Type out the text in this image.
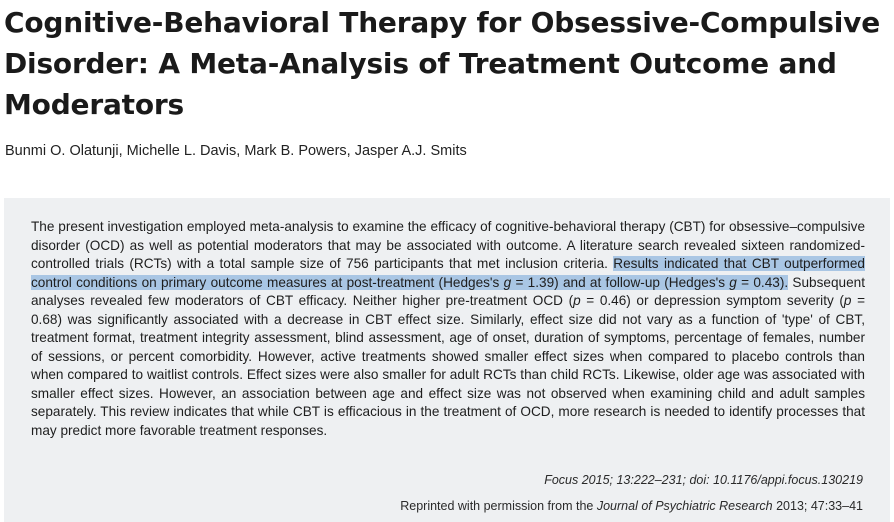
Cognitive-Behavioral Therapy for Obsessive-Compulsive Disorder: A Meta-Analysis of Treatment Outcome and Moderators
Bunmi O. Olatunji, Michelle L. Davis, Mark B. Powers, Jasper A.J. Smits

The present investigation employed meta-analysis to examine the efficacy of cognitive-behavioral therapy (CBT) for obsessive–compulsive disorder (OCD) as well as potential moderators that may be associated with outcome. A literature search revealed sixteen randomized-controlled trials (RCTs) with a total sample size of 756 participants that met inclusion criteria. Results indicated that CBT outperformed control conditions on primary outcome measures at post-treatment (Hedges's g = 1.39) and at follow-up (Hedges's g = 0.43). Subsequent analyses revealed few moderators of CBT efficacy. Neither higher pre-treatment OCD (p = 0.46) or depression symptom severity (p = 0.68) was significantly associated with a decrease in CBT effect size. Similarly, effect size did not vary as a function of 'type' of CBT, treatment format, treatment integrity assessment, blind assessment, age of onset, duration of symptoms, percentage of females, number of sessions, or percent comorbidity. However, active treatments showed smaller effect sizes when compared to placebo controls than when compared to waitlist controls. Effect sizes were also smaller for adult RCTs than child RCTs. Likewise, older age was associated with smaller effect sizes. However, an association between age and effect size was not observed when examining child and adult samples separately. This review indicates that while CBT is efficacious in the treatment of OCD, more research is needed to identify processes that may predict more favorable treatment responses.

Focus 2015; 13:222–231; doi: 10.1176/appi.focus.130219
Reprinted with permission from the Journal of Psychiatric Research 2013; 47:33–41
